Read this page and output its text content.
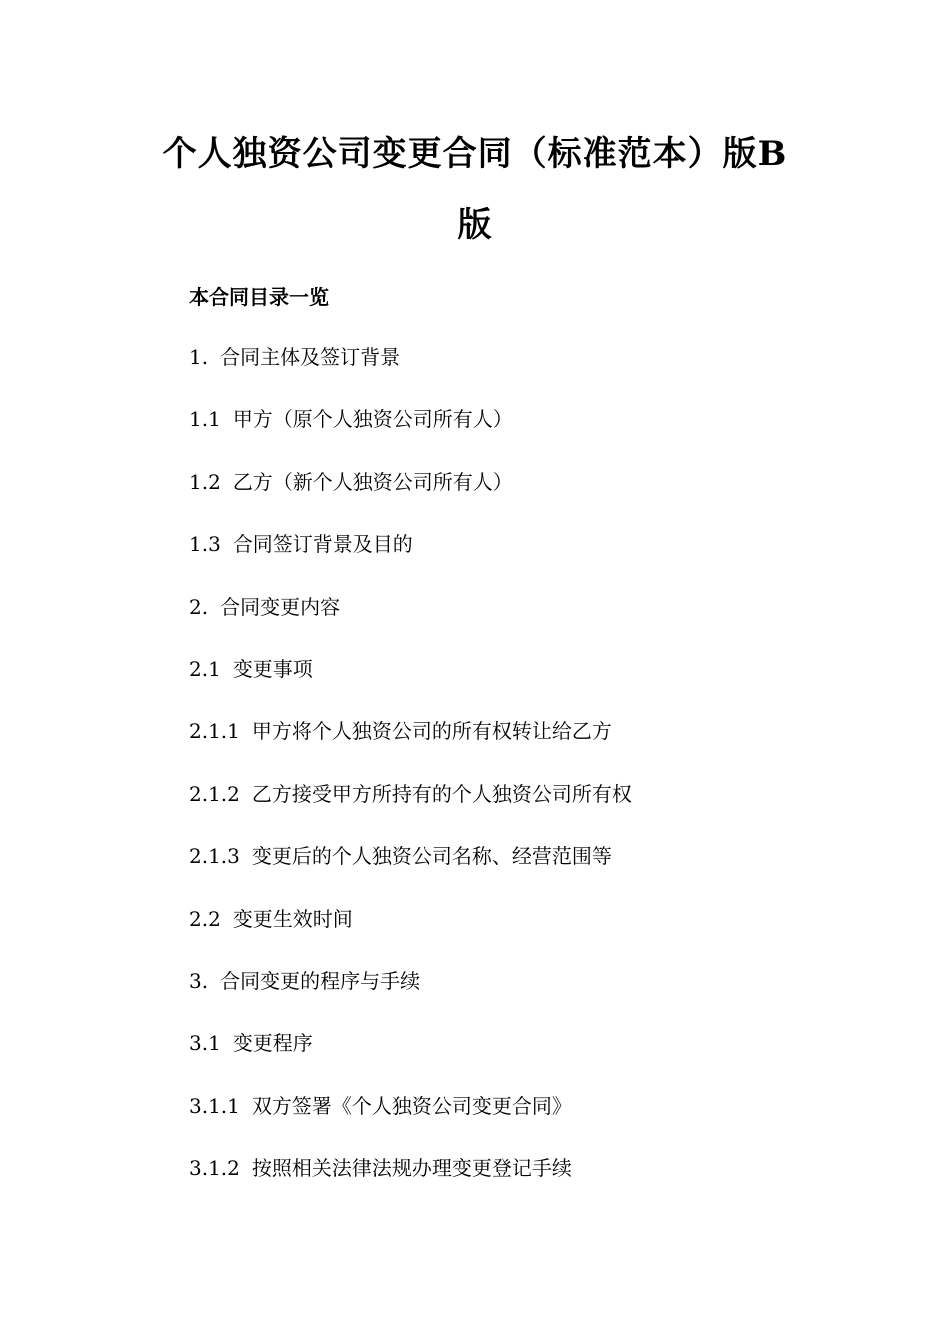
个人独资公司变更合同（标准范本）版B
版
本合同目录一览
1. 合同主体及签订背景
1.1 甲方（原个人独资公司所有人）
1.2 乙方（新个人独资公司所有人）
1.3 合同签订背景及目的
2. 合同变更内容
2.1 变更事项
2.1.1 甲方将个人独资公司的所有权转让给乙方
2.1.2 乙方接受甲方所持有的个人独资公司所有权
2.1.3 变更后的个人独资公司名称、经营范围等
2.2 变更生效时间
3. 合同变更的程序与手续
3.1 变更程序
3.1.1 双方签署《个人独资公司变更合同》
3.1.2 按照相关法律法规办理变更登记手续
